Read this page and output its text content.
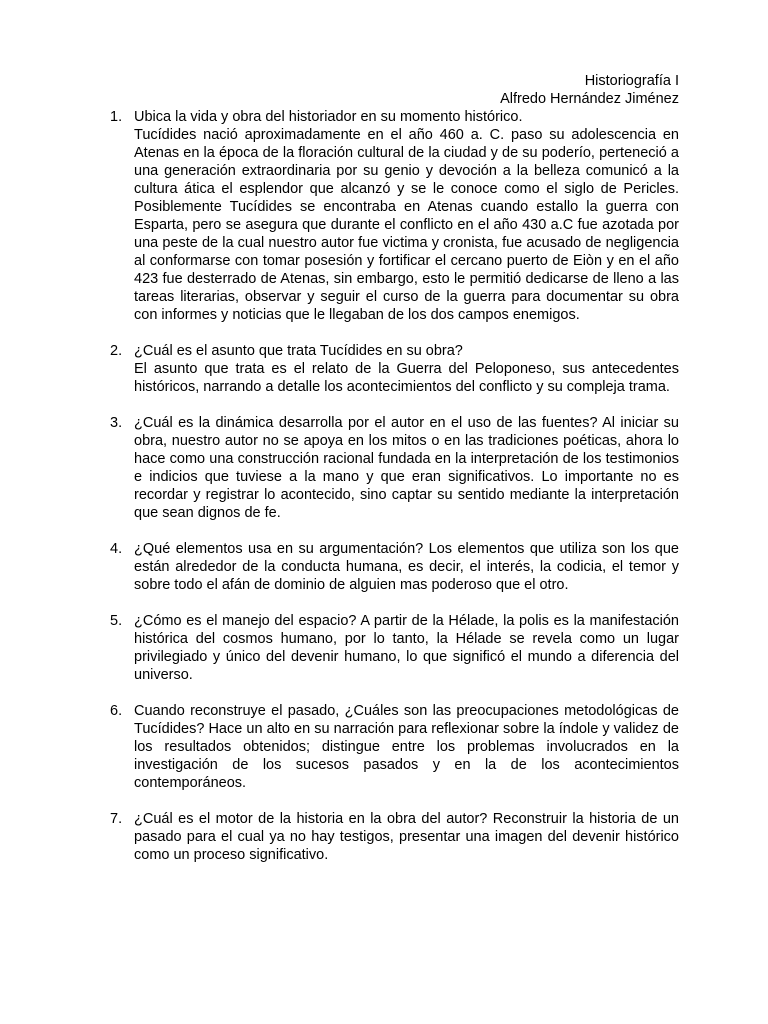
Historiografía I
Alfredo Hernández Jiménez
1. Ubica la vida y obra del historiador en su momento histórico.

Tucídides nació aproximadamente en el año 460 a. C. paso su adolescencia en Atenas en la época de la floración cultural de la ciudad y de su poderío, perteneció a una generación extraordinaria por su genio y devoción a la belleza comunicó a la cultura ática el esplendor que alcanzó y se le conoce como el siglo de Pericles. Posiblemente Tucídides se encontraba en Atenas cuando estallo la guerra con Esparta, pero se asegura que durante el conflicto en el año 430 a.C fue azotada por una peste de la cual nuestro autor fue victima y cronista, fue acusado de negligencia al conformarse con tomar posesión y fortificar el cercano puerto de Eiòn y en el año 423 fue desterrado de Atenas, sin embargo, esto le permitió dedicarse de lleno a las tareas literarias, observar y seguir el curso de la guerra para documentar su obra con informes y noticias que le llegaban de los dos campos enemigos.

2. ¿Cuál es el asunto que trata Tucídides en su obra?

El asunto que trata es el relato de la Guerra del Peloponeso, sus antecedentes históricos, narrando a detalle los acontecimientos del conflicto y su compleja trama.

3. ¿Cuál es la dinámica desarrolla por el autor en el uso de las fuentes? Al iniciar su obra, nuestro autor no se apoya en los mitos o en las tradiciones poéticas, ahora lo hace como una construcción racional fundada en la interpretación de los testimonios e indicios que tuviese a la mano y que eran significativos. Lo importante no es recordar y registrar lo acontecido, sino captar su sentido mediante la interpretación que sean dignos de fe.

4. ¿Qué elementos usa en su argumentación? Los elementos que utiliza son los que están alrededor de la conducta humana, es decir, el interés, la codicia, el temor y sobre todo el afán de dominio de alguien mas poderoso que el otro.

5. ¿Cómo es el manejo del espacio? A partir de la Hélade, la polis es la manifestación histórica del cosmos humano, por lo tanto, la Hélade se revela como un lugar privilegiado y único del devenir humano, lo que significó el mundo a diferencia del universo.

6. Cuando reconstruye el pasado, ¿Cuáles son las preocupaciones metodológicas de Tucídides? Hace un alto en su narración para reflexionar sobre la índole y validez de los resultados obtenidos; distingue entre los problemas involucrados en la investigación de los sucesos pasados y en la de los acontecimientos contemporáneos.

7. ¿Cuál es el motor de la historia en la obra del autor? Reconstruir la historia de un pasado para el cual ya no hay testigos, presentar una imagen del devenir histórico como un proceso significativo.
